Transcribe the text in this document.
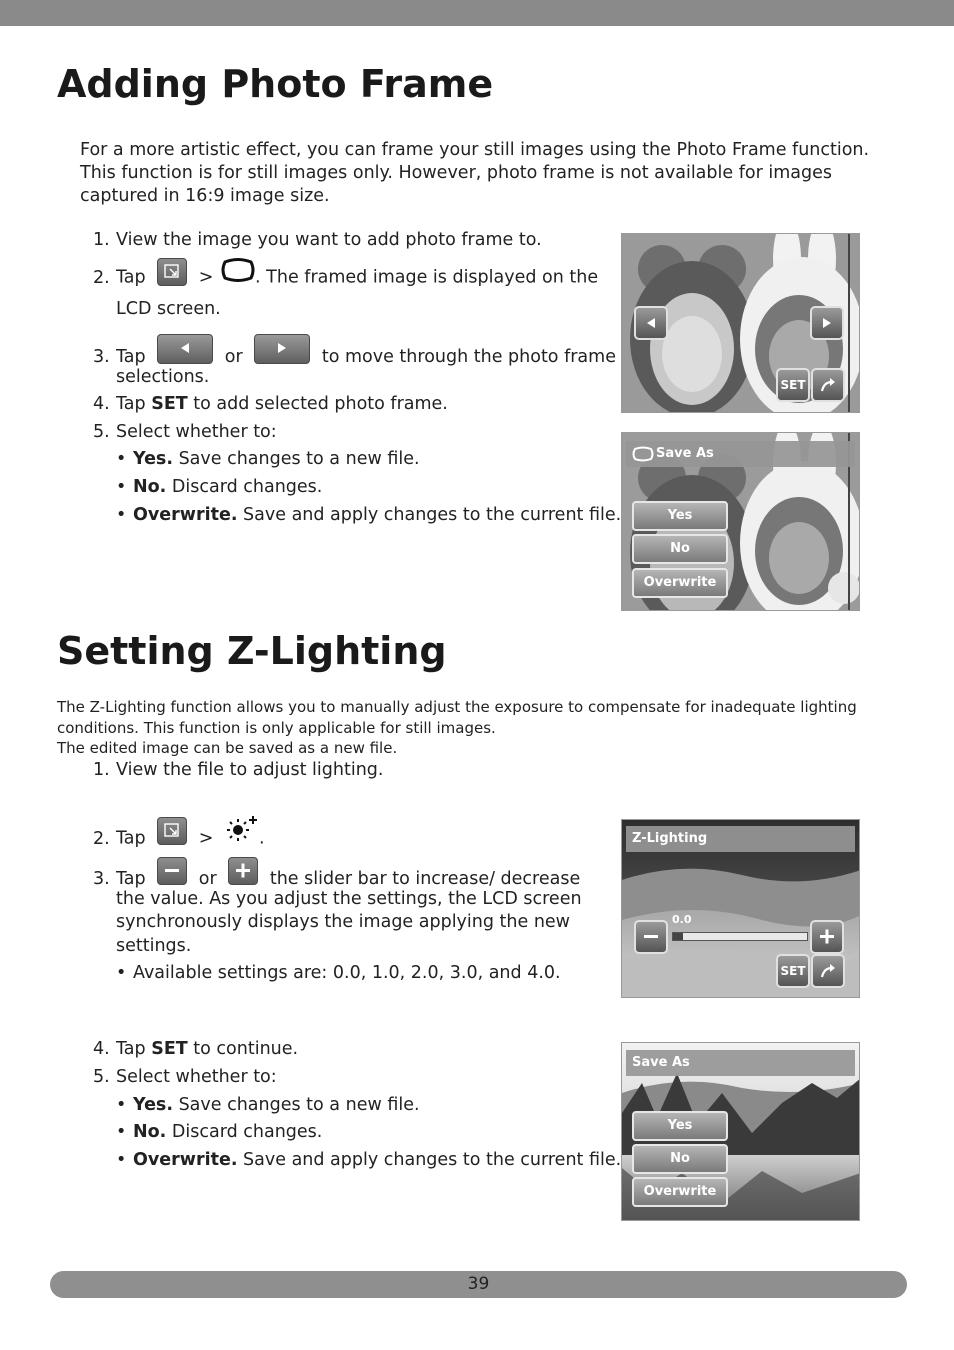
Adding Photo Frame
For a more artistic effect, you can frame your still images using the Photo Frame function. This function is for still images only. However, photo frame is not available for images captured in 16:9 image size.
1. View the image you want to add photo frame to.
2. Tap	> . The framed image is displayed on the
LCD screen.
3. Tap	or	to move through the photo frame
selections.
4. Tap SET to add selected photo frame.
5. Select whether to:
• Yes. Save changes to a new file.
• No. Discard changes.
• Overwrite. Save and apply changes to the current file.
SET
Save As
Yes
No
Overwrite
Setting Z-Lighting
The Z-Lighting function allows you to manually adjust the exposure to compensate for inadequate lighting conditions. This function is only applicable for still images.
The edited image can be saved as a new file.
1. View the file to adjust lighting.
2. Tap	>	.
3. Tap	or	the slider bar to increase/ decrease
the value. As you adjust the settings, the LCD screen
synchronously displays the image applying the new
settings.
• Available settings are: 0.0, 1.0, 2.0, 3.0, and 4.0.
4. Tap SET to continue.
5. Select whether to:
• Yes. Save changes to a new file.
• No. Discard changes.
• Overwrite. Save and apply changes to the current file.
Z-Lighting
0.0
SET
Save As
Yes
No
Overwrite
39
